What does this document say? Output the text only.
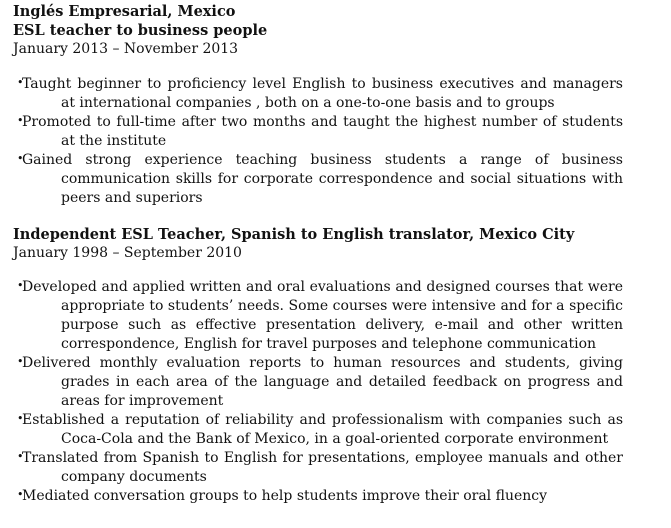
Inglés Empresarial, Mexico
ESL teacher to business people
January 2013 – November 2013
•Taught beginner to proficiency level English to business executives and managers at international companies , both on a one-to-one basis and to groups
•Promoted to full-time after two months and taught the highest number of students at the institute
•Gained strong experience teaching business students a range of business communication skills for corporate correspondence and social situations with peers and superiors
Independent ESL Teacher, Spanish to English translator, Mexico City
January 1998 – September 2010
•Developed and applied written and oral evaluations and designed courses that were appropriate to students’ needs. Some courses were intensive and for a specific purpose such as effective presentation delivery, e-mail and other written correspondence, English for travel purposes and telephone communication
•Delivered monthly evaluation reports to human resources and students, giving grades in each area of the language and detailed feedback on progress and areas for improvement
•Established a reputation of reliability and professionalism with companies such as Coca-Cola and the Bank of Mexico, in a goal-oriented corporate environment
•Translated from Spanish to English for presentations, employee manuals and other company documents
•Mediated conversation groups to help students improve their oral fluency
